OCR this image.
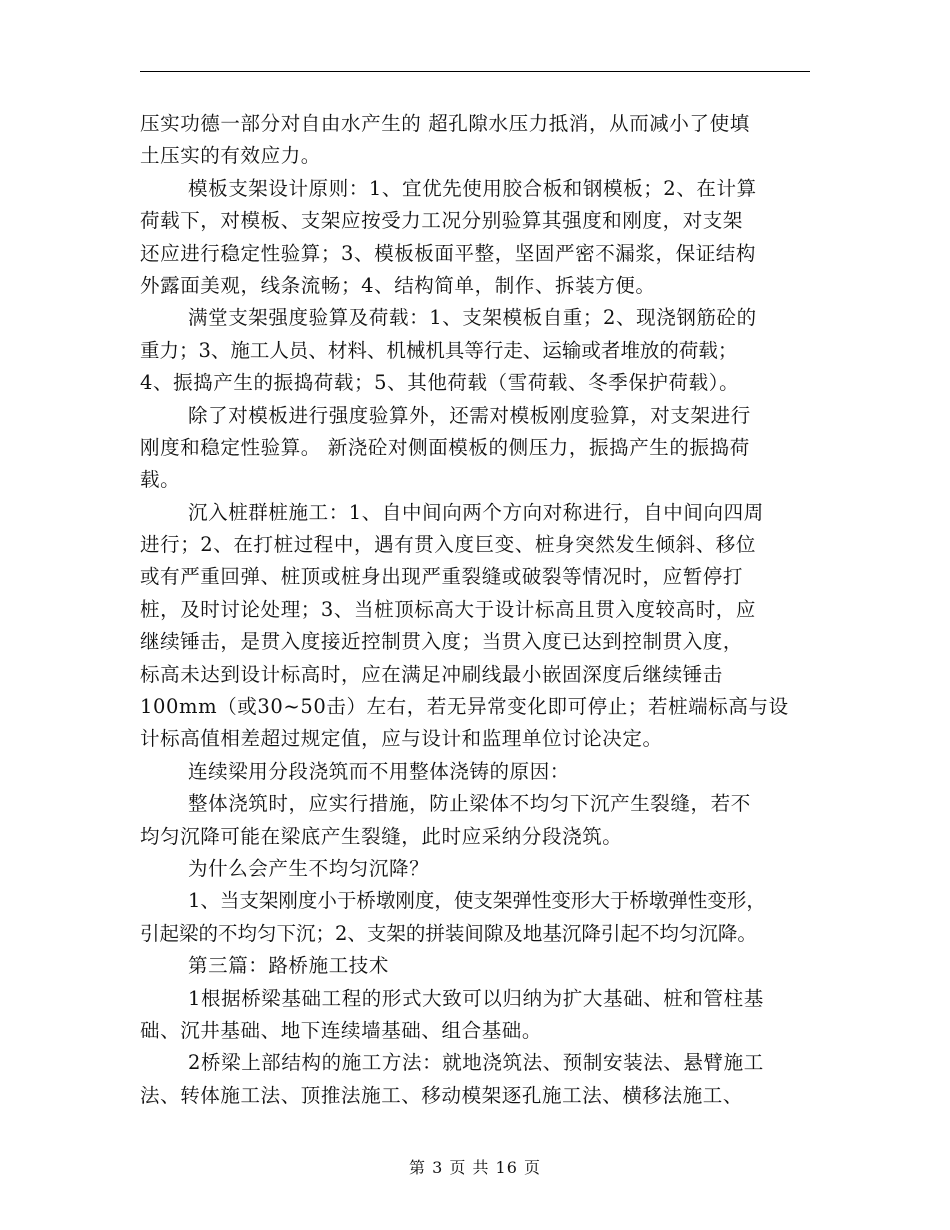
压实功德一部分对自由水产生的 超孔隙水压力抵消，从而减小了使填
土压实的有效应力。
模板支架设计原则：1、宜优先使用胶合板和钢模板；2、在计算
荷载下，对模板、支架应按受力工况分别验算其强度和刚度，对支架
还应进行稳定性验算；3、模板板面平整，坚固严密不漏浆，保证结构
外露面美观，线条流畅；4、结构简单，制作、拆装方便。
满堂支架强度验算及荷载：1、支架模板自重；2、现浇钢筋砼的
重力；3、施工人员、材料、机械机具等行走、运输或者堆放的荷载；
4、振捣产生的振捣荷载；5、其他荷载（雪荷载、冬季保护荷载）。
除了对模板进行强度验算外，还需对模板刚度验算，对支架进行
刚度和稳定性验算。 新浇砼对侧面模板的侧压力，振捣产生的振捣荷
载。
沉入桩群桩施工：1、自中间向两个方向对称进行，自中间向四周
进行；2、在打桩过程中，遇有贯入度巨变、桩身突然发生倾斜、移位
或有严重回弹、桩顶或桩身出现严重裂缝或破裂等情况时，应暂停打
桩，及时讨论处理；3、当桩顶标高大于设计标高且贯入度较高时，应
继续锤击，是贯入度接近控制贯入度；当贯入度已达到控制贯入度，
标高未达到设计标高时，应在满足冲刷线最小嵌固深度后继续锤击
100mm（或30~50击）左右，若无异常变化即可停止；若桩端标高与设
计标高值相差超过规定值，应与设计和监理单位讨论决定。
连续梁用分段浇筑而不用整体浇铸的原因：
整体浇筑时，应实行措施，防止梁体不均匀下沉产生裂缝，若不
均匀沉降可能在梁底产生裂缝，此时应采纳分段浇筑。
为什么会产生不均匀沉降？
1、当支架刚度小于桥墩刚度，使支架弹性变形大于桥墩弹性变形，
引起梁的不均匀下沉；2、支架的拼装间隙及地基沉降引起不均匀沉降。
第三篇：路桥施工技术
1根据桥梁基础工程的形式大致可以归纳为扩大基础、桩和管柱基
础、沉井基础、地下连续墙基础、组合基础。
2桥梁上部结构的施工方法：就地浇筑法、预制安装法、悬臂施工
法、转体施工法、顶推法施工、移动模架逐孔施工法、横移法施工、
第 3 页 共 16 页
